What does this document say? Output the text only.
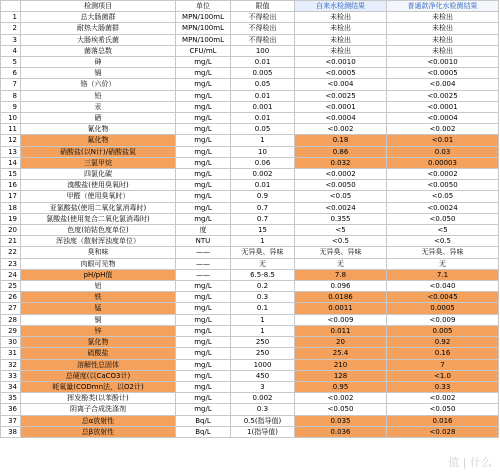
	检测项目	单位	限值	自来水检测结果	普通款净化水检测结果
1	总大肠菌群	MPN/100mL	不得检出	未检出	未检出
2	耐热大肠菌群	MPN/100mL	不得检出	未检出	未检出
3	大肠埃希氏菌	MPN/100mL	不得检出	未检出	未检出
4	菌落总数	CFU/mL	100	未检出	未检出
5	砷	mg/L	0.01	<0.0010	<0.0010
6	镉	mg/L	0.005	<0.0005	<0.0005
7	铬（六价）	mg/L	0.05	<0.004	<0.004
8	铅	mg/L	0.01	<0.0025	<0.0025
9	汞	mg/L	0.001	<0.0001	<0.0001
10	硒	mg/L	0.01	<0.0004	<0.0004
11	氰化物	mg/L	0.05	<0.002	<0.002
12	氟化物	mg/L	1	0.18	<0.01
13	硝酸盐(以N计)/硝酸盐氮	mg/L	10	0.86	0.03
14	三氯甲烷	mg/L	0.06	0.032	0.00003
15	四氯化碳	mg/L	0.002	<0.0002	<0.0002
16	溴酸盐(使用臭氧时)	mg/L	0.01	<0.0050	<0.0050
17	甲醛（使用臭氧时）	mg/L	0.9	<0.05	<0.05
18	亚氯酸盐(使用二氧化氯消毒时)	mg/L	0.7	<0.0024	<0.0024
19	氯酸盐(使用复合二氧化氯消毒时)	mg/L	0.7	0.355	<0.050
20	色度(铂钴色度单位)	度	15	<5	<5
21	浑浊度（散射浑浊度单位）	NTU	1	<0.5	<0.5
22	臭和味	——	无异臭、异味	无异臭、异味	无异臭、异味
23	肉眼可见物	——	无	无	无
24	pH/pH值	——	6.5-8.5	7.8	7.1
25	铝	mg/L	0.2	0.096	<0.040
26	铁	mg/L	0.3	0.0186	<0.0045
27	锰	mg/L	0.1	0.0011	0.0005
28	铜	mg/L	1	<0.009	<0.009
29	锌	mg/L	1	0.011	0.005
30	氯化物	mg/L	250	20	0.92
31	硫酸盐	mg/L	250	25.4	0.16
32	溶解性总固体	mg/L	1000	210	7
33	总硬度(以CaCO3计)	mg/L	450	128	<1.0
34	耗氧量(CODmn法，以O2计)	mg/L	3	0.95	0.33
35	挥发酚类(以苯酚计)	mg/L	0.002	<0.002	<0.002
36	阴离子合成洗涤剂	mg/L	0.3	<0.050	<0.050
37	总α放射性	Bq/L	0.5(指导值)	0.035	0.016
38	总β放射性	Bq/L	1(指导值)	0.036	<0.028
值 | 什么
